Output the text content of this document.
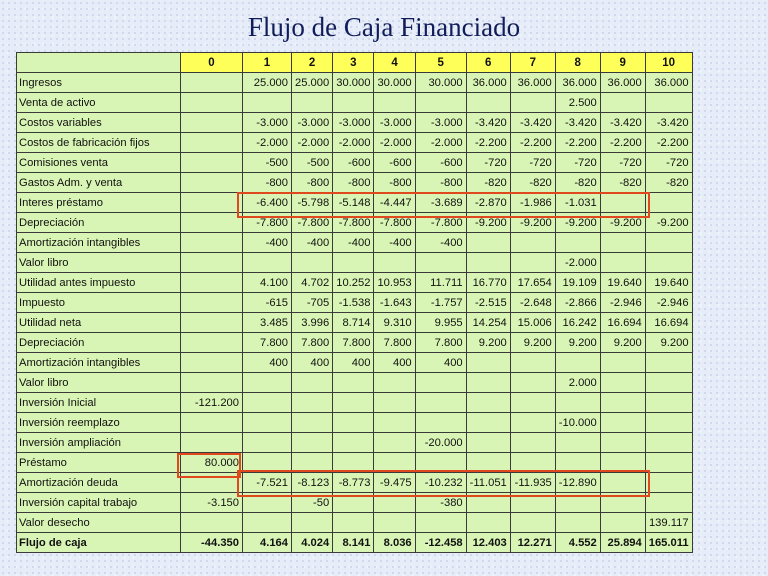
Flujo de Caja Financiado
	0	1	2	3	4	5	6	7	8	9	10
Ingresos		25.000	25.000	30.000	30.000	30.000	36.000	36.000	36.000	36.000	36.000
Venta de activo									2.500		
Costos variables		-3.000	-3.000	-3.000	-3.000	-3.000	-3.420	-3.420	-3.420	-3.420	-3.420
Costos de fabricación fijos		-2.000	-2.000	-2.000	-2.000	-2.000	-2.200	-2.200	-2.200	-2.200	-2.200
Comisiones venta		-500	-500	-600	-600	-600	-720	-720	-720	-720	-720
Gastos Adm. y venta		-800	-800	-800	-800	-800	-820	-820	-820	-820	-820
Interes préstamo		-6.400	-5.798	-5.148	-4.447	-3.689	-2.870	-1.986	-1.031		
Depreciación		-7.800	-7.800	-7.800	-7.800	-7.800	-9.200	-9.200	-9.200	-9.200	-9.200
Amortización intangibles		-400	-400	-400	-400	-400					
Valor libro									-2.000		
Utilidad antes impuesto		4.100	4.702	10.252	10.953	11.711	16.770	17.654	19.109	19.640	19.640
Impuesto		-615	-705	-1.538	-1.643	-1.757	-2.515	-2.648	-2.866	-2.946	-2.946
Utilidad neta		3.485	3.996	8.714	9.310	9.955	14.254	15.006	16.242	16.694	16.694
Depreciación		7.800	7.800	7.800	7.800	7.800	9.200	9.200	9.200	9.200	9.200
Amortización intangibles		400	400	400	400	400					
Valor libro									2.000		
Inversión Inicial	-121.200										
Inversión reemplazo									-10.000		
Inversión ampliación						-20.000					
Préstamo	80.000										
Amortización deuda		-7.521	-8.123	-8.773	-9.475	-10.232	-11.051	-11.935	-12.890		
Inversión capital trabajo	-3.150		-50			-380					
Valor desecho											139.117
Flujo de caja	-44.350	4.164	4.024	8.141	8.036	-12.458	12.403	12.271	4.552	25.894	165.011
